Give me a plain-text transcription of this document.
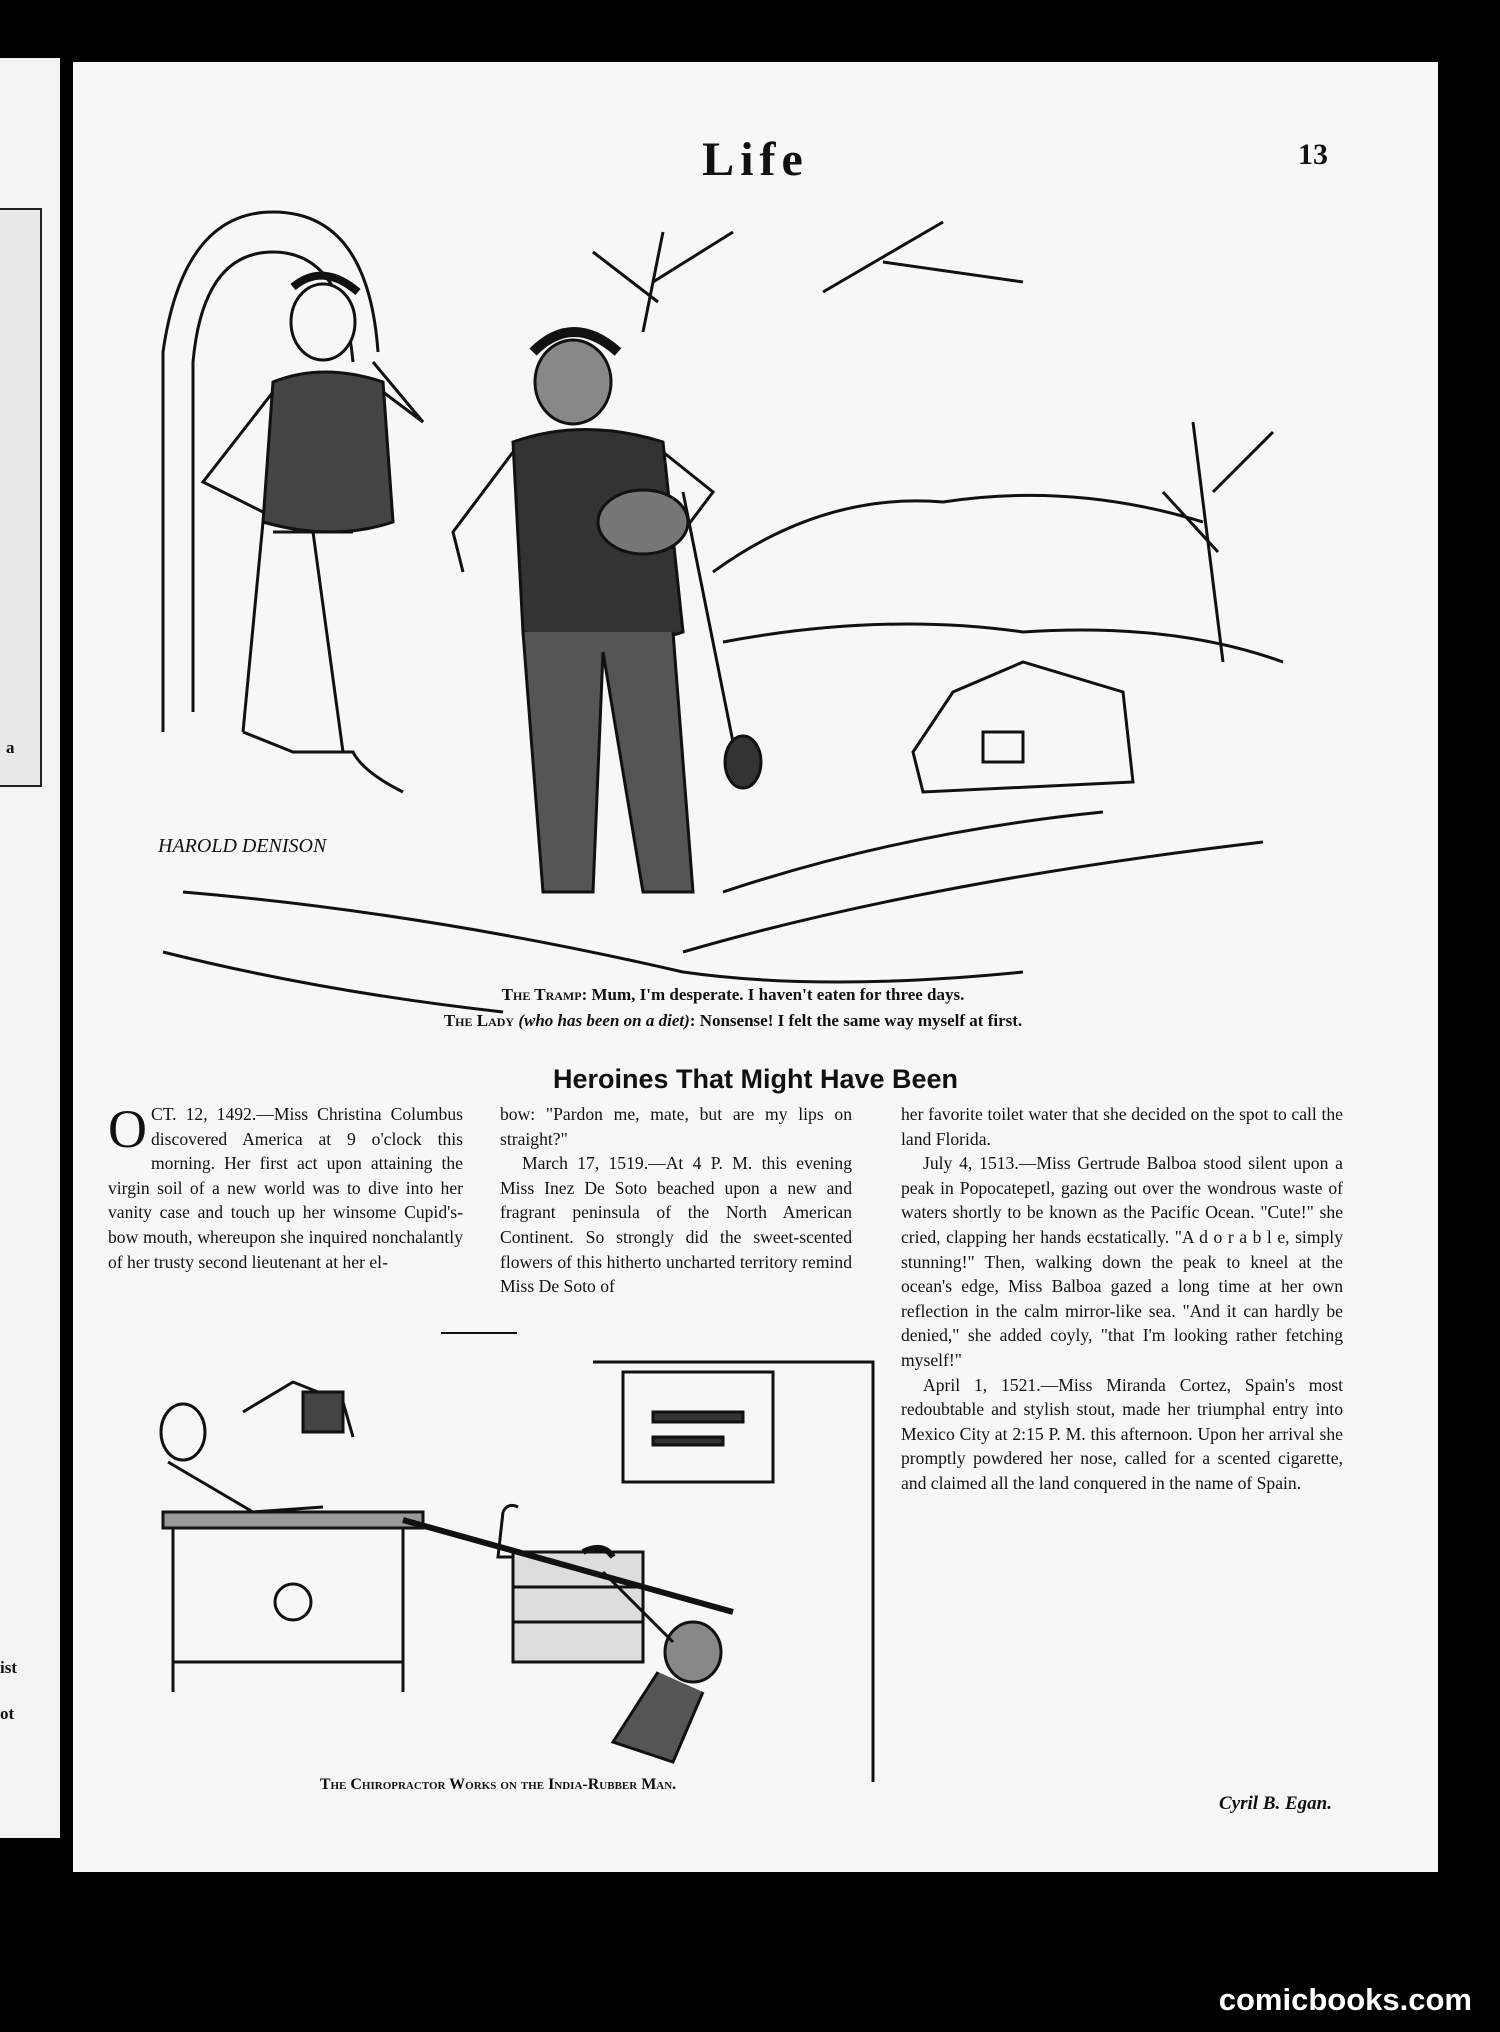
a
ist
ot
Life	13
HAROLD DENISON
The Tramp: Mum, I'm desperate. I haven't eaten for three days.
The Lady (who has been on a diet): Nonsense! I felt the same way myself at first.
Heroines That Might Have Been

OCT. 12, 1492.—Miss Christina Columbus discovered America at 9 o'clock this morning. Her first act upon attaining the virgin soil of a new world was to dive into her vanity case and touch up her winsome Cupid's-bow mouth, whereupon she inquired nonchalantly of her trusty second lieutenant at her el-

bow: "Pardon me, mate, but are my lips on straight?"

March 17, 1519.—At 4 P. M. this evening Miss Inez De Soto beached upon a new and fragrant peninsula of the North American Continent. So strongly did the sweet-scented flowers of this hitherto uncharted territory remind Miss De Soto of

her favorite toilet water that she decided on the spot to call the land Florida.

July 4, 1513.—Miss Gertrude Balboa stood silent upon a peak in Popocatepetl, gazing out over the wondrous waste of waters shortly to be known as the Pacific Ocean. "Cute!" she cried, clapping her hands ecstatically. "A d o r a b l e, simply stunning!" Then, walking down the peak to kneel at the ocean's edge, Miss Balboa gazed a long time at her own reflection in the calm mirror-like sea. "And it can hardly be denied," she added coyly, "that I'm looking rather fetching myself!"

April 1, 1521.—Miss Miranda Cortez, Spain's most redoubtable and stylish stout, made her triumphal entry into Mexico City at 2:15 P. M. this afternoon. Upon her arrival she promptly powdered her nose, called for a scented cigarette, and claimed all the land conquered in the name of Spain.

Cyril B. Egan.
The Chiropractor Works on the India-Rubber Man.
comicbooks.com
